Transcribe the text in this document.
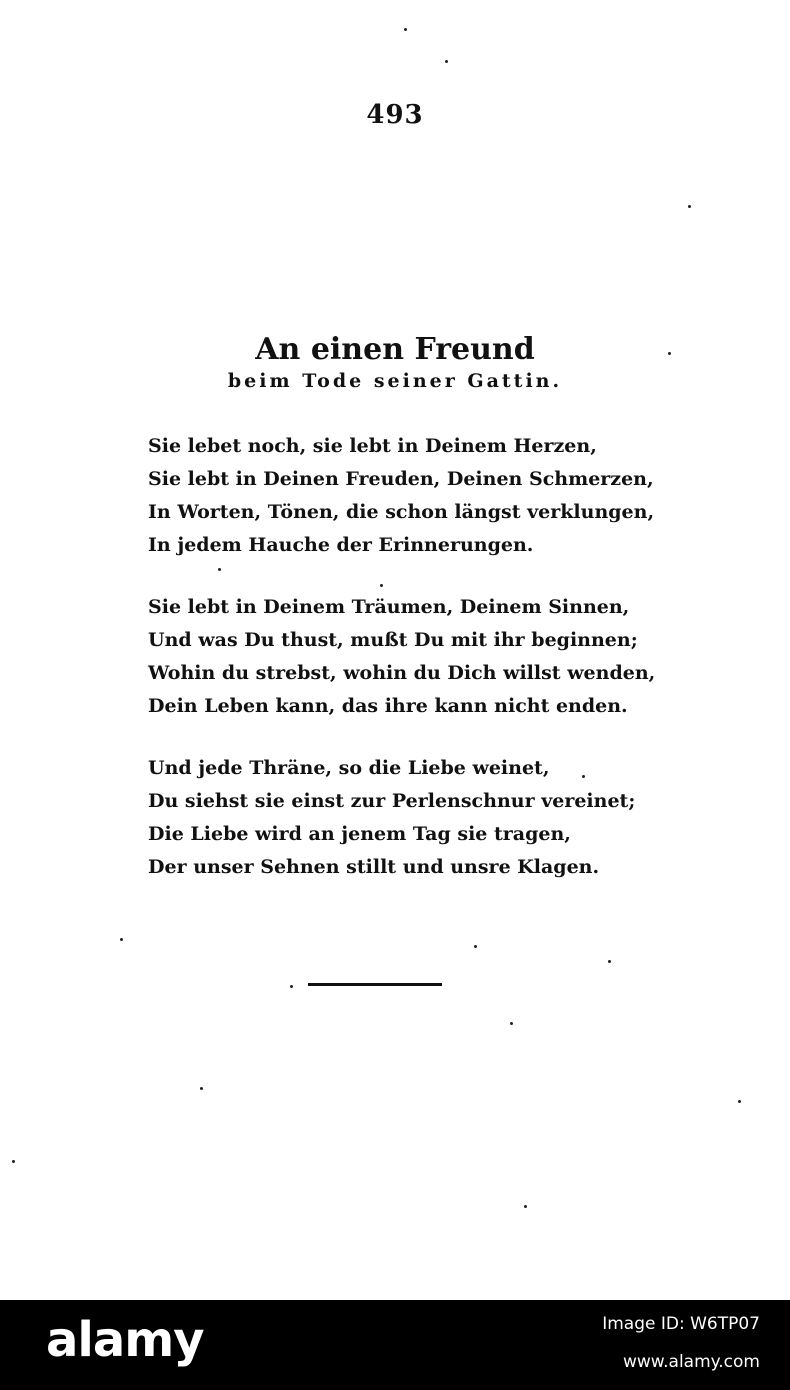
493
An einen Freund
beim Tode seiner Gattin.
Sie lebet noch, sie lebt in Deinem Herzen,
Sie lebt in Deinen Freuden, Deinen Schmerzen,
In Worten, Tönen, die schon längst verklungen,
In jedem Hauche der Erinnerungen.
Sie lebt in Deinem Träumen, Deinem Sinnen,
Und was Du thust, mußt Du mit ihr beginnen;
Wohin du strebst, wohin du Dich willst wenden,
Dein Leben kann, das ihre kann nicht enden.
Und jede Thräne, so die Liebe weinet,
Du siehst sie einst zur Perlenschnur vereinet;
Die Liebe wird an jenem Tag sie tragen,
Der unser Sehnen stillt und unsre Klagen.
alamy	Image ID: W6TP07
www.alamy.com
